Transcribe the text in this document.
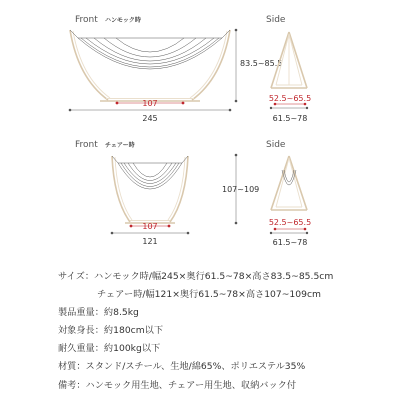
Front ハンモック時
107
245
83.5~85.5
Side
52.5~65.5
61.5~78
Front チェアー時
107
121
107~109
Side
52.5~65.5
61.5~78
サイズ：ハンモック時/幅245×奥行61.5~78×高さ83.5~85.5cm
チェアー時/幅121×奥行61.5~78×高さ107~109cm
製品重量：約8.5kg
対象身長：約180cm以下
耐久重量：約100kg以下
材質：スタンド/スチール、生地/綿65%、ポリエステル35%
備考：ハンモック用生地、チェアー用生地、収納バック付
